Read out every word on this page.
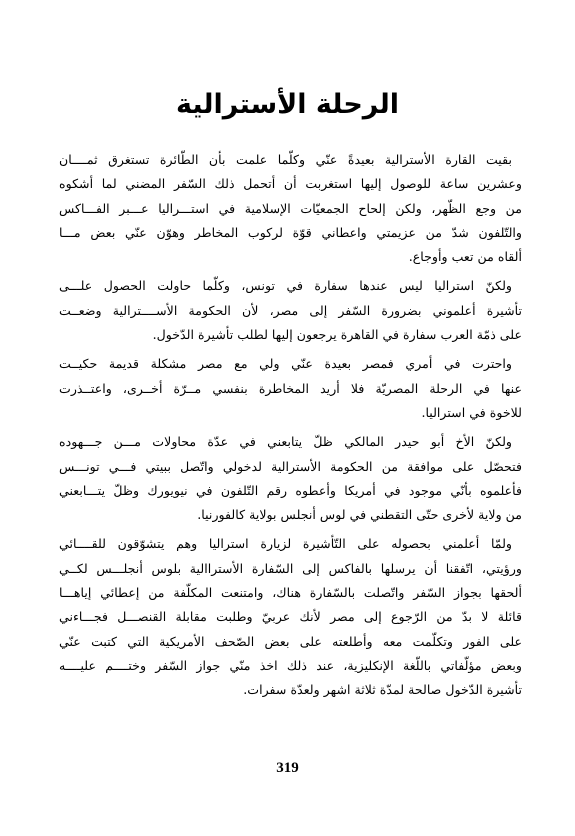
الرحلة الأسترالية

بقيت القارة الأسترالية بعيدةً عنّي وكلّما علمت بأن الطّائرة تستغرق ثمــــان
وعشرين ساعة للوصول إليها استغربت أن أتحمل ذلك السّفر المضني لما أشكوه
من وجع الظّهر، ولكن إلحاح الجمعيّات الإسلامية في استـــراليا عـــبر الفـــاكس
والتّلفون شدّ من عزيمتي واعطاني قوّة لركوب المخاطر وهوّن عنّي بعض مـــا
ألقاه من تعب وأوجاع.

ولكنّ استراليا ليس عندها سفارة في تونس، وكلّما حاولت الحصول علـــى
تأشيرة أعلموني بضرورة السّفر إلى مصر، لأن الحكومة الأســــترالية وضعــت
على ذمّة العرب سفارة في القاهرة يرجعون إليها لطلب تأشيرة الدّخول.

واحترت في أمري فمصر بعيدة عنّي ولي مع مصر مشكلة قديمة حكيــت
عنها في الرحلة المصريّة فلا أريد المخاطرة بنفسي مــرّة أخــرى، واعتــذرت
للاخوة في استراليا.

ولكنّ الأخ أبو حيدر المالكي ظلّ يتابعني في عدّة محاولات مـــن جـــهوده
فتحصّل على موافقة من الحكومة الأسترالية لدخولي واتّصل ببيتي فـــي تونـــس
فأعلموه بأنّي موجود في أمريكا وأعطوه رقم التّلفون في نيويورك وظلّ يتـــابعني
من ولاية لأخرى حتّى التقطني في لوس أنجلس بولاية كالفورنيا.

ولمّا أعلمني بحصوله على التّأشيرة لزيارة استراليا وهم يتشوّقون للقــــائي
ورؤيتي، اتّفقنا أن يرسلها بالفاكس إلى السّفارة الأستراالية بلوس أنجلـــس لكــي
ألحقها بجواز السّفر واتّصلت بالسّفارة هناك، وامتنعت المكلّفة من إعطائي إياهـــا
قائلة لا بدّ من الرّجوع إلى مصر لأنك عربيّ وطلبت مقابلة القنصـــل فجـــاءني
على الفور وتكلّمت معه وأطلعته على بعض الصّحف الأمريكية التي كتبت عنّي
وبعض مؤلّفاتي باللّغة الإنكليزية، عند ذلك اخذ منّي جواز السّفر وختــــم عليــــه
تأشيرة الدّخول صالحة لمدّة ثلاثة اشهر ولعدّة سفرات.

319
